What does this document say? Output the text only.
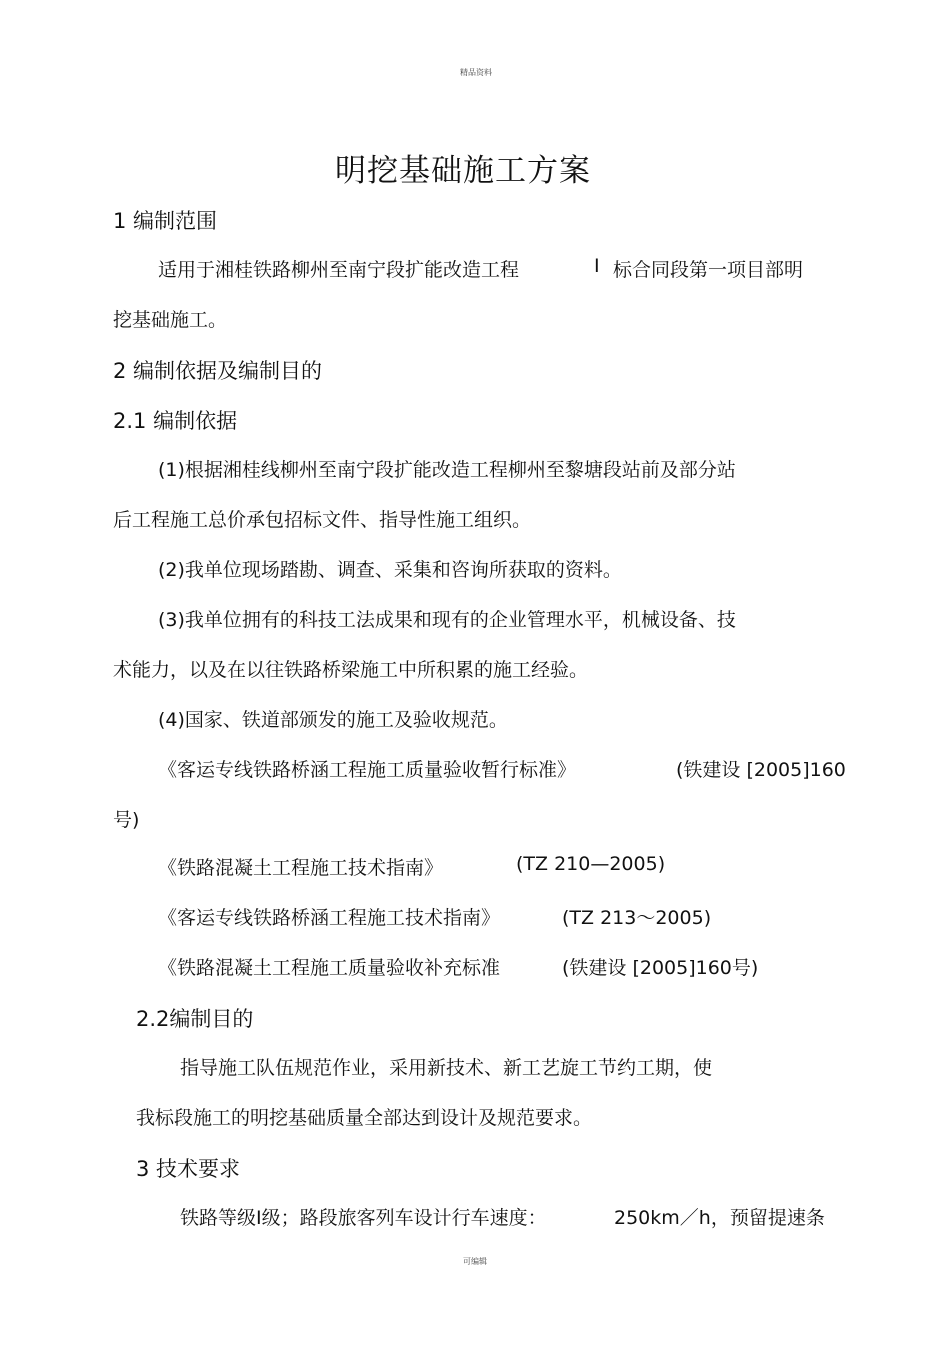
精品资料
明挖基础施工方案
1 编制范围
适用于湘桂铁路柳州至南宁段扩能改造工程	Ⅰ 标合同段第一项目部明
挖基础施工。
2 编制依据及编制目的
2.1 编制依据
(1)根据湘桂线柳州至南宁段扩能改造工程柳州至黎塘段站前及部分站
后工程施工总价承包招标文件、指导性施工组织。
(2)我单位现场踏勘、调查、采集和咨询所获取的资料。
(3)我单位拥有的科技工法成果和现有的企业管理水平，机械设备、技
术能力，以及在以往铁路桥梁施工中所积累的施工经验。
(4)国家、铁道部颁发的施工及验收规范。
《客运专线铁路桥涵工程施工质量验收暂行标准》	(铁建设 [2005]160
号)
《铁路混凝土工程施工技术指南》	(TZ 210—2005)
《客运专线铁路桥涵工程施工技术指南》	(TZ 213～2005)
《铁路混凝土工程施工质量验收补充标准	(铁建设 [2005]160号)
2.2编制目的
指导施工队伍规范作业，采用新技术、新工艺旋工节约工期，使
我标段施工的明挖基础质量全部达到设计及规范要求。
3 技术要求
铁路等级Ⅰ级；路段旅客列车设计行车速度：	250km／h，预留提速条
可编辑
